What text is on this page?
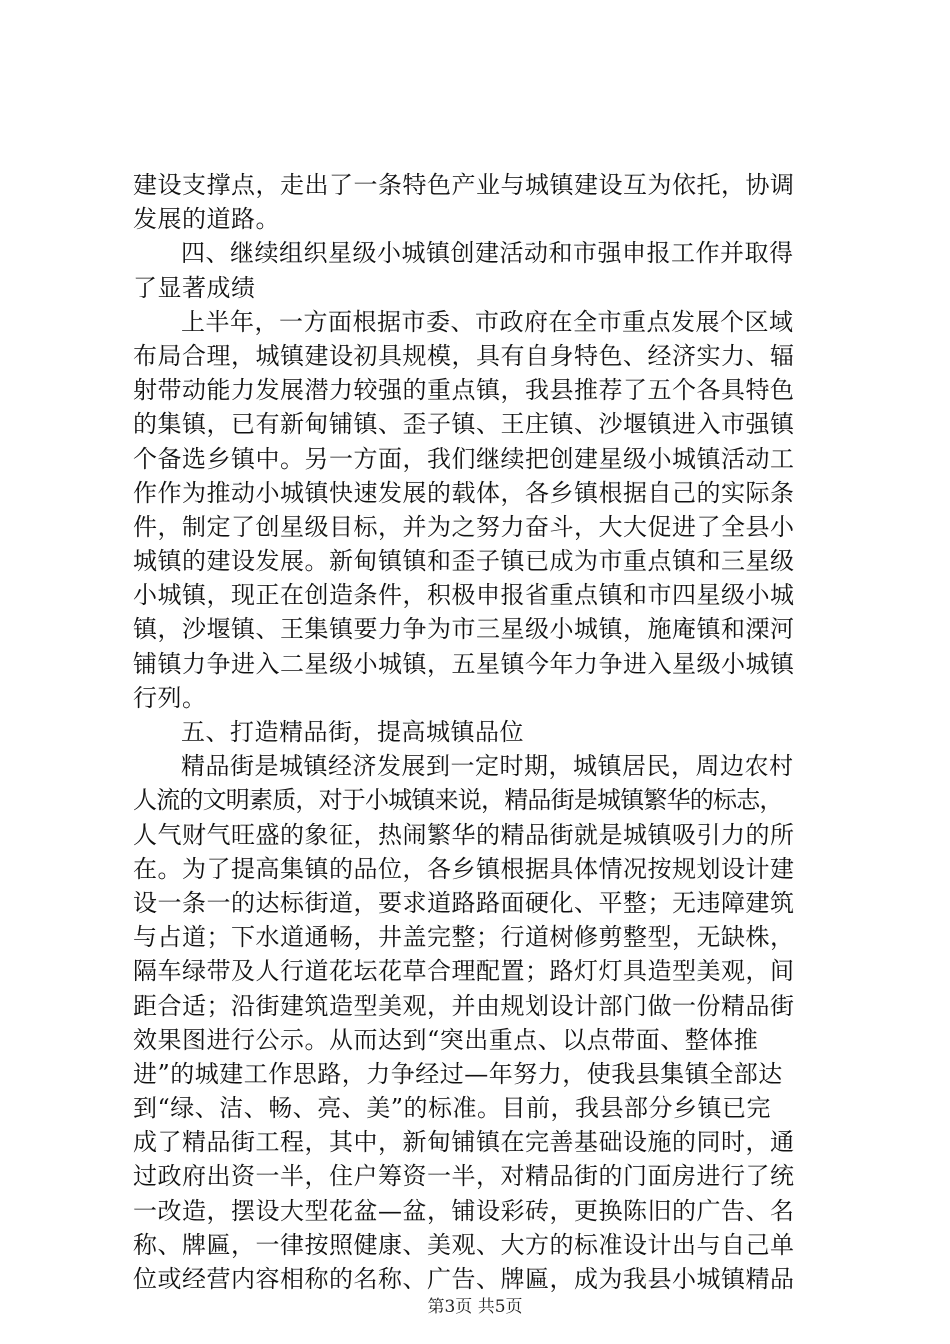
建设支撑点，走出了一条特色产业与城镇建设互为依托，协调
发展的道路。
四、继续组织星级小城镇创建活动和市强申报工作并取得
了显著成绩
上半年，一方面根据市委、市政府在全市重点发展个区域
布局合理，城镇建设初具规模，具有自身特色、经济实力、辐
射带动能力发展潜力较强的重点镇，我县推荐了五个各具特色
的集镇，已有新甸铺镇、歪子镇、王庄镇、沙堰镇进入市强镇
个备选乡镇中。另一方面，我们继续把创建星级小城镇活动工
作作为推动小城镇快速发展的载体，各乡镇根据自己的实际条
件，制定了创星级目标，并为之努力奋斗，大大促进了全县小
城镇的建设发展。新甸镇镇和歪子镇已成为市重点镇和三星级
小城镇，现正在创造条件，积极申报省重点镇和市四星级小城
镇，沙堰镇、王集镇要力争为市三星级小城镇，施庵镇和溧河
铺镇力争进入二星级小城镇，五星镇今年力争进入星级小城镇
行列。
五、打造精品街，提高城镇品位
精品街是城镇经济发展到一定时期，城镇居民，周边农村
人流的文明素质，对于小城镇来说，精品街是城镇繁华的标志，
人气财气旺盛的象征，热闹繁华的精品街就是城镇吸引力的所
在。为了提高集镇的品位，各乡镇根据具体情况按规划设计建
设一条一的达标街道，要求道路路面硬化、平整；无违障建筑
与占道；下水道通畅，井盖完整；行道树修剪整型，无缺株，
隔车绿带及人行道花坛花草合理配置；路灯灯具造型美观，间
距合适；沿街建筑造型美观，并由规划设计部门做一份精品街
效果图进行公示。从而达到“突出重点、以点带面、整体推
进”的城建工作思路，力争经过—年努力，使我县集镇全部达
到“绿、洁、畅、亮、美”的标准。目前，我县部分乡镇已完
成了精品街工程，其中，新甸铺镇在完善基础设施的同时，通
过政府出资一半，住户筹资一半，对精品街的门面房进行了统
一改造，摆设大型花盆—盆，铺设彩砖，更换陈旧的广告、名
称、牌匾，一律按照健康、美观、大方的标准设计出与自己单
位或经营内容相称的名称、广告、牌匾，成为我县小城镇精品
第3页 共5页
